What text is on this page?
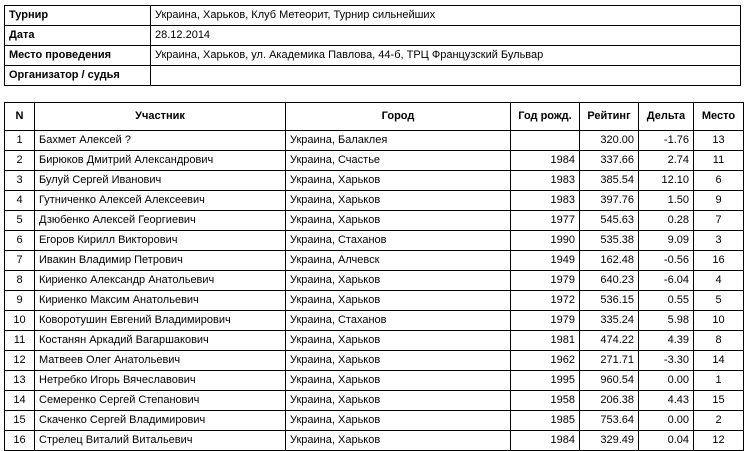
Турнир	Украина, Харьков, Клуб Метеорит, Турнир сильнейших
Дата	28.12.2014
Место проведения	Украина, Харьков, ул. Академика Павлова, 44-б, ТРЦ Французский Бульвар
Организатор / судья	
N	Участник	Город	Год рожд.	Рейтинг	Дельта	Место
1	Бахмет Алексей ?	Украина, Балаклея		320.00	-1.76	13
2	Бирюков Дмитрий Александрович	Украина, Счастье	1984	337.66	2.74	11
3	Булуй Сергей Иванович	Украина, Харьков	1983	385.54	12.10	6
4	Гутниченко Алексей Алексеевич	Украина, Харьков	1983	397.76	1.50	9
5	Дзюбенко Алексей Георгиевич	Украина, Харьков	1977	545.63	0.28	7
6	Егоров Кирилл Викторович	Украина, Стаханов	1990	535.38	9.09	3
7	Ивакин Владимир Петрович	Украина, Алчевск	1949	162.48	-0.56	16
8	Кириенко Александр Анатольевич	Украина, Харьков	1979	640.23	-6.04	4
9	Кириенко Максим Анатольевич	Украина, Харьков	1972	536.15	0.55	5
10	Коворотушин Евгений Владимирович	Украина, Стаханов	1979	335.24	5.98	10
11	Костанян Аркадий Вагаршакович	Украина, Харьков	1981	474.22	4.39	8
12	Матвеев Олег Анатольевич	Украина, Харьков	1962	271.71	-3.30	14
13	Нетребко Игорь Вячеславович	Украина, Харьков	1995	960.54	0.00	1
14	Семеренко Сергей Степанович	Украина, Харьков	1958	206.38	4.43	15
15	Скаченко Сергей Владимирович	Украина, Харьков	1985	753.64	0.00	2
16	Стрелец Виталий Витальевич	Украина, Харьков	1984	329.49	0.04	12
